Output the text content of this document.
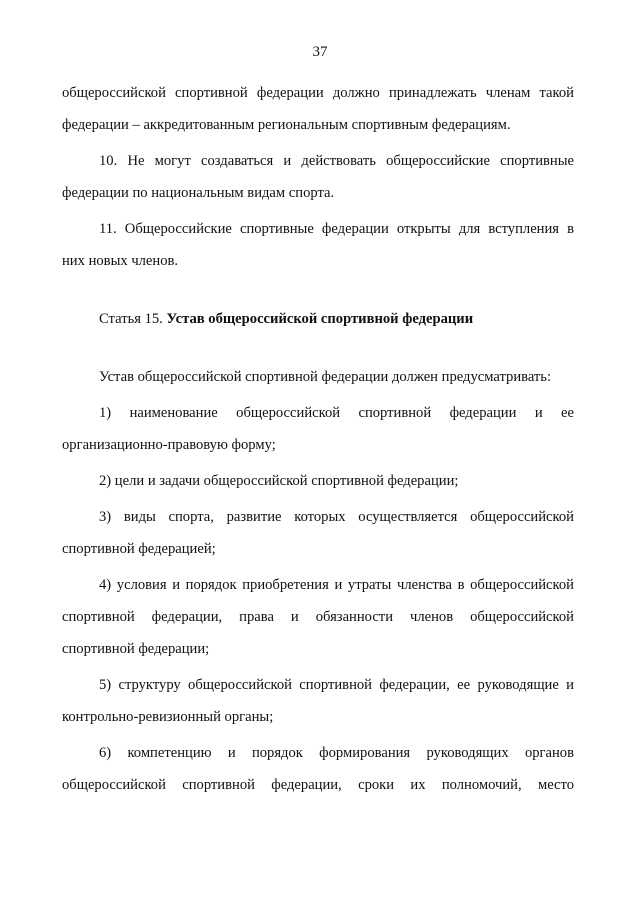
37

общероссийской спортивной федерации должно принадлежать членам такой
федерации – аккредитованным региональным спортивным федерациям.

10. Не могут создаваться и действовать общероссийские спортивные
федерации по национальным видам спорта.

11. Общероссийские спортивные федерации открыты для вступления в
них новых членов.

Статья 15. Устав общероссийской спортивной федерации

Устав общероссийской спортивной федерации должен предусматривать:

1) наименование общероссийской спортивной федерации и ее
организационно-правовую форму;

2) цели и задачи общероссийской спортивной федерации;

3) виды спорта, развитие которых осуществляется общероссийской
спортивной федерацией;

4) условия и порядок приобретения и утраты членства в общероссийской
спортивной федерации, права и обязанности членов общероссийской
спортивной федерации;

5) структуру общероссийской спортивной федерации, ее руководящие и
контрольно-ревизионный органы;

6) компетенцию и порядок формирования руководящих органов
общероссийской спортивной федерации, сроки их полномочий, место
